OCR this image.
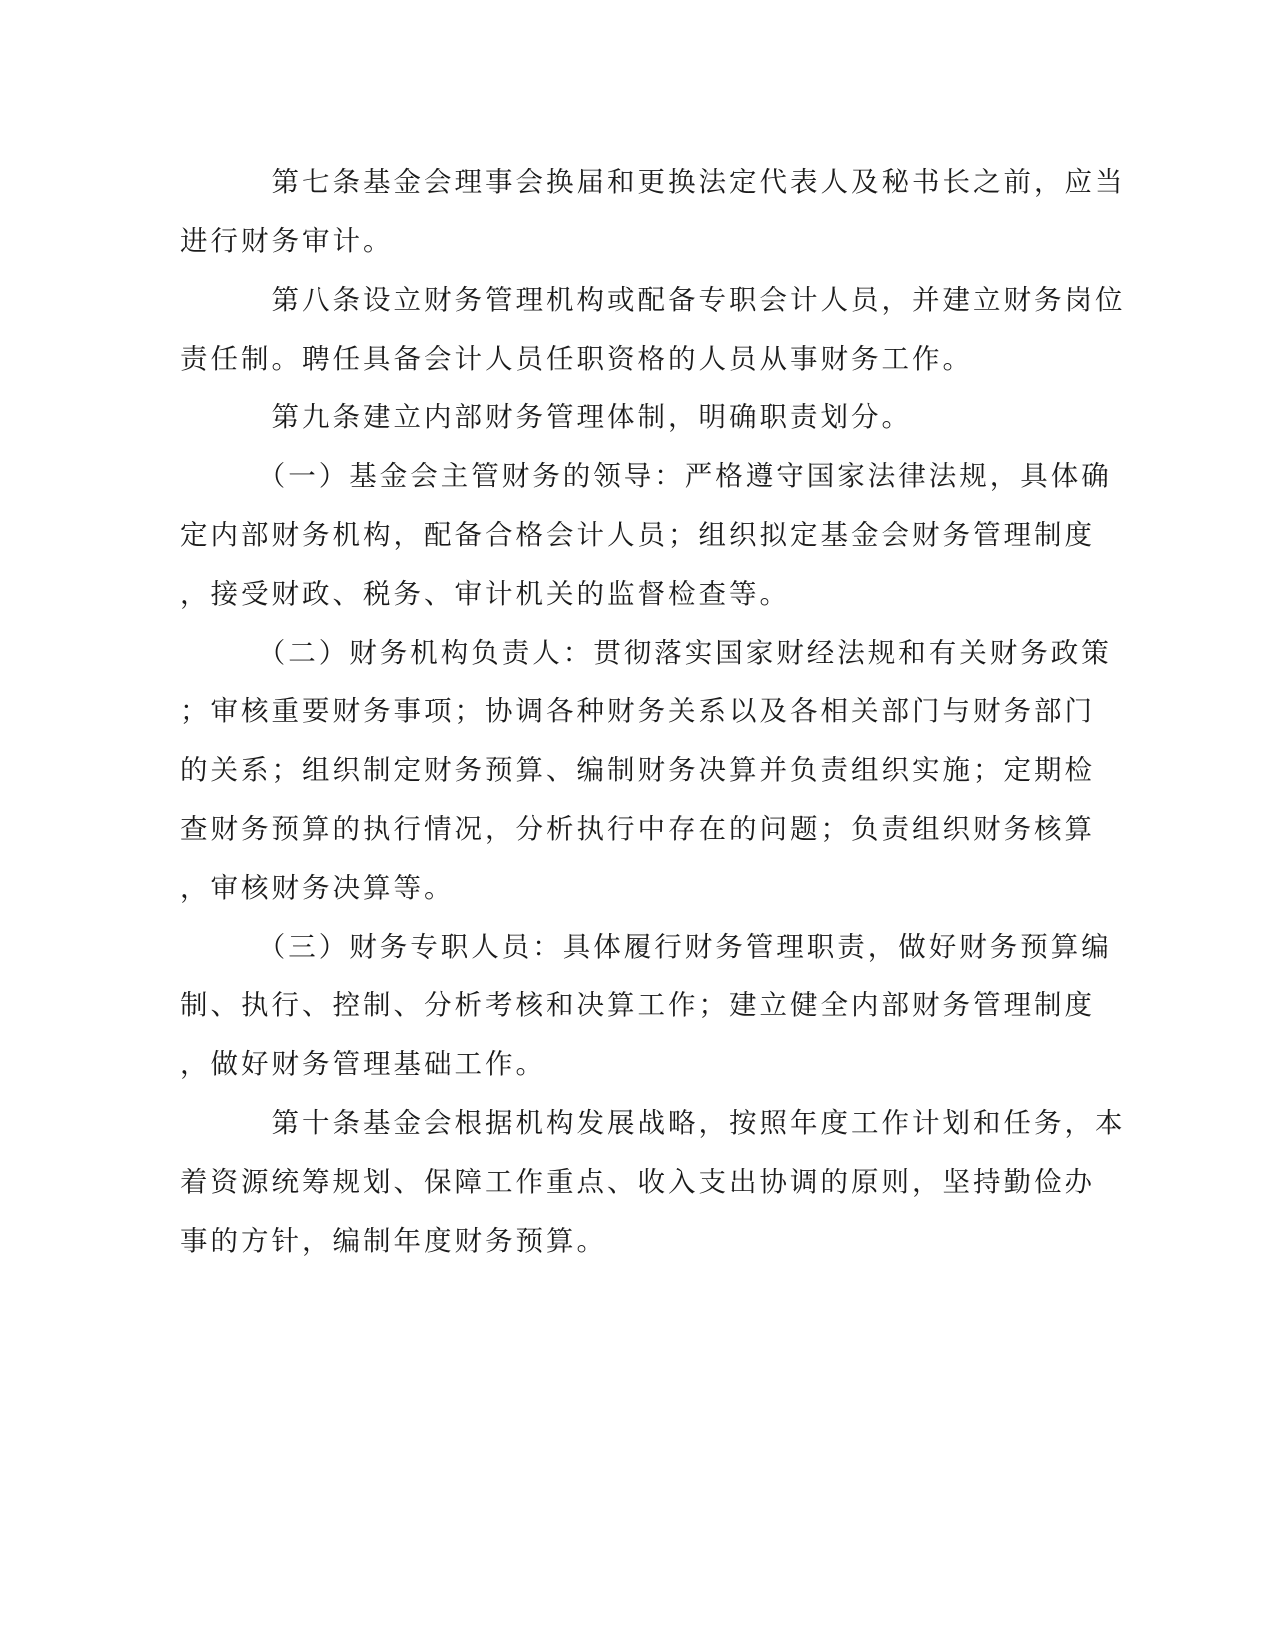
　　　第七条基金会理事会换届和更换法定代表人及秘书长之前，应当
进行财务审计。
　　　第八条设立财务管理机构或配备专职会计人员，并建立财务岗位
责任制。聘任具备会计人员任职资格的人员从事财务工作。
　　　第九条建立内部财务管理体制，明确职责划分。
　　　（一）基金会主管财务的领导：严格遵守国家法律法规，具体确
定内部财务机构，配备合格会计人员；组织拟定基金会财务管理制度
，接受财政、税务、审计机关的监督检查等。
　　　（二）财务机构负责人：贯彻落实国家财经法规和有关财务政策
；审核重要财务事项；协调各种财务关系以及各相关部门与财务部门
的关系；组织制定财务预算、编制财务决算并负责组织实施；定期检
查财务预算的执行情况，分析执行中存在的问题；负责组织财务核算
，审核财务决算等。
　　　（三）财务专职人员：具体履行财务管理职责，做好财务预算编
制、执行、控制、分析考核和决算工作；建立健全内部财务管理制度
，做好财务管理基础工作。
　　　第十条基金会根据机构发展战略，按照年度工作计划和任务，本
着资源统筹规划、保障工作重点、收入支出协调的原则，坚持勤俭办
事的方针，编制年度财务预算。
